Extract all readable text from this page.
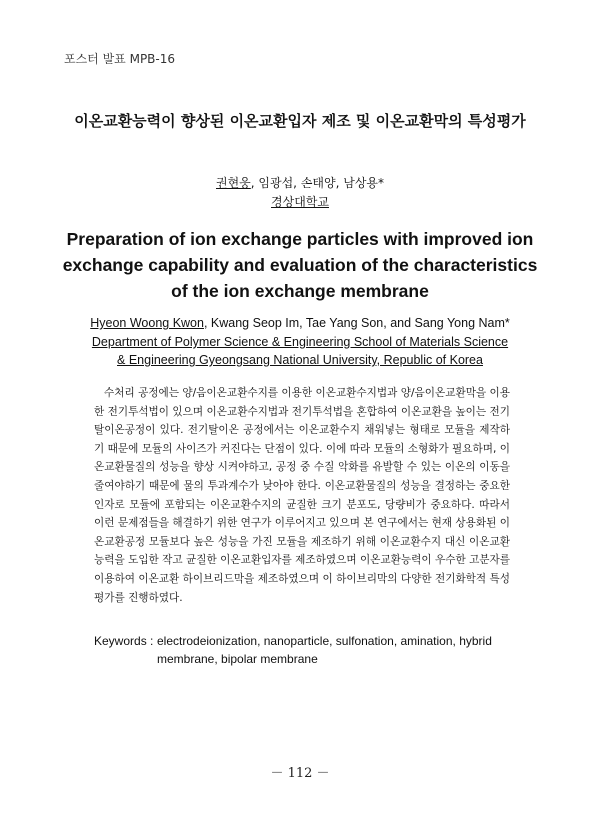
포스터 발표 MPB-16
이온교환능력이 향상된 이온교환입자 제조 및 이온교환막의 특성평가
권현웅, 임광섭, 손태양, 남상용*
경상대학교
Preparation of ion exchange particles with improved ion exchange capability and evaluation of the characteristics of the ion exchange membrane
Hyeon Woong Kwon, Kwang Seop Im, Tae Yang Son, and Sang Yong Nam*
Department of Polymer Science & Engineering School of Materials Science
& Engineering Gyeongsang National University, Republic of Korea
수처리 공정에는 양/음이온교환수지를 이용한 이온교환수지법과 양/음이온교환막을 이용한 전기투석법이 있으며 이온교환수지법과 전기투석법을 혼합하여 이온교환을 높이는 전기탈이온공정이 있다. 전기탈이온 공정에서는 이온교환수지 채워넣는 형태로 모듈을 제작하기 때문에 모듈의 사이즈가 커진다는 단점이 있다. 이에 따라 모듈의 소형화가 필요하며, 이온교환물질의 성능을 향상 시켜야하고, 공정 중 수질 악화를 유발할 수 있는 이온의 이동을 줄여야하기 때문에 물의 투과계수가 낮아야 한다. 이온교환물질의 성능을 결정하는 중요한 인자로 모듈에 포함되는 이온교환수지의 균질한 크기 분포도, 당량비가 중요하다. 따라서 이런 문제점들을 해결하기 위한 연구가 이루어지고 있으며 본 연구에서는 현재 상용화된 이온교환공정 모듈보다 높은 성능을 가진 모듈을 제조하기 위해 이온교환수지 대신 이온교환능력을 도입한 작고 균질한 이온교환입자를 제조하였으며 이온교환능력이 우수한 고분자를 이용하여 이온교환 하이브리드막을 제조하였으며 이 하이브리막의 다양한 전기화학적 특성평가를 진행하였다.
Keywords : electrodeionization, nanoparticle, sulfonation, amination, hybrid membrane, bipolar membrane
－ 112 －
